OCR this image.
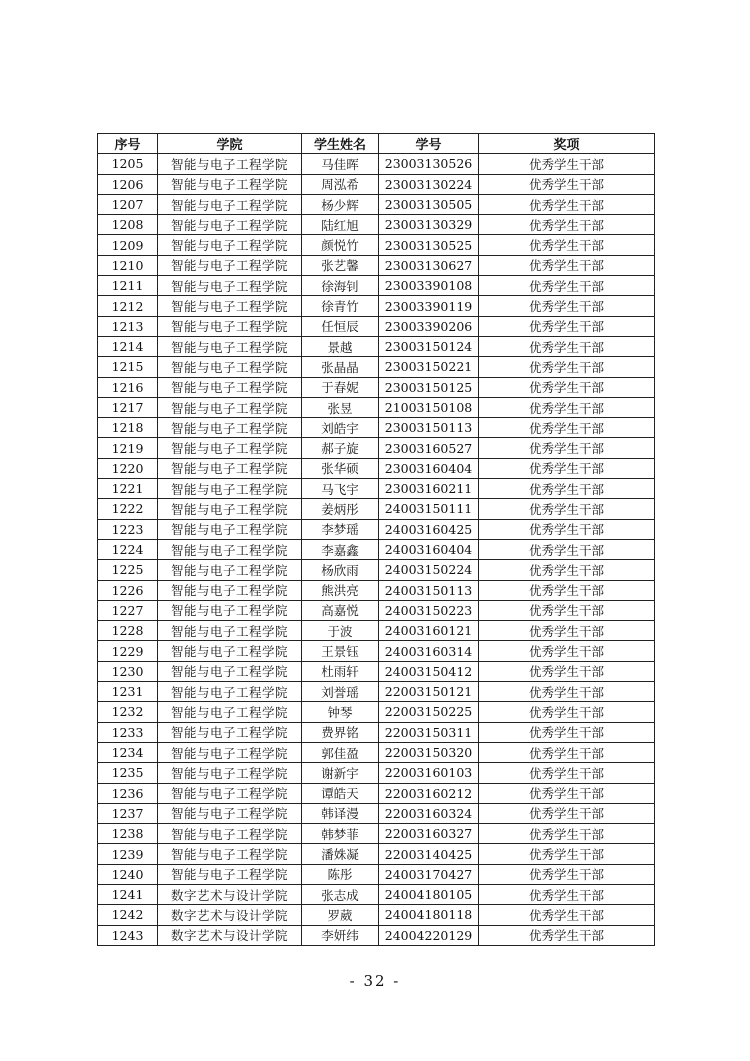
序号	学院	学生姓名	学号	奖项
1205	智能与电子工程学院	马佳晖	23003130526	优秀学生干部
1206	智能与电子工程学院	周泓希	23003130224	优秀学生干部
1207	智能与电子工程学院	杨少辉	23003130505	优秀学生干部
1208	智能与电子工程学院	陆红旭	23003130329	优秀学生干部
1209	智能与电子工程学院	颜悦竹	23003130525	优秀学生干部
1210	智能与电子工程学院	张艺馨	23003130627	优秀学生干部
1211	智能与电子工程学院	徐海钊	23003390108	优秀学生干部
1212	智能与电子工程学院	徐青竹	23003390119	优秀学生干部
1213	智能与电子工程学院	任恒辰	23003390206	优秀学生干部
1214	智能与电子工程学院	景越	23003150124	优秀学生干部
1215	智能与电子工程学院	张晶晶	23003150221	优秀学生干部
1216	智能与电子工程学院	于春妮	23003150125	优秀学生干部
1217	智能与电子工程学院	张昱	21003150108	优秀学生干部
1218	智能与电子工程学院	刘皓宇	23003150113	优秀学生干部
1219	智能与电子工程学院	郝子旋	23003160527	优秀学生干部
1220	智能与电子工程学院	张华硕	23003160404	优秀学生干部
1221	智能与电子工程学院	马飞宇	23003160211	优秀学生干部
1222	智能与电子工程学院	姜炳彤	24003150111	优秀学生干部
1223	智能与电子工程学院	李梦瑶	24003160425	优秀学生干部
1224	智能与电子工程学院	李嘉鑫	24003160404	优秀学生干部
1225	智能与电子工程学院	杨欣雨	24003150224	优秀学生干部
1226	智能与电子工程学院	熊洪亮	24003150113	优秀学生干部
1227	智能与电子工程学院	高嘉悦	24003150223	优秀学生干部
1228	智能与电子工程学院	于波	24003160121	优秀学生干部
1229	智能与电子工程学院	王景钰	24003160314	优秀学生干部
1230	智能与电子工程学院	杜雨轩	24003150412	优秀学生干部
1231	智能与电子工程学院	刘誉瑶	22003150121	优秀学生干部
1232	智能与电子工程学院	钟琴	22003150225	优秀学生干部
1233	智能与电子工程学院	费界铭	22003150311	优秀学生干部
1234	智能与电子工程学院	郭佳盈	22003150320	优秀学生干部
1235	智能与电子工程学院	谢新宇	22003160103	优秀学生干部
1236	智能与电子工程学院	谭皓天	22003160212	优秀学生干部
1237	智能与电子工程学院	韩译漫	22003160324	优秀学生干部
1238	智能与电子工程学院	韩梦菲	22003160327	优秀学生干部
1239	智能与电子工程学院	潘姝凝	22003140425	优秀学生干部
1240	智能与电子工程学院	陈彤	24003170427	优秀学生干部
1241	数字艺术与设计学院	张志成	24004180105	优秀学生干部
1242	数字艺术与设计学院	罗葳	24004180118	优秀学生干部
1243	数字艺术与设计学院	李妍纬	24004220129	优秀学生干部
- 32 -
